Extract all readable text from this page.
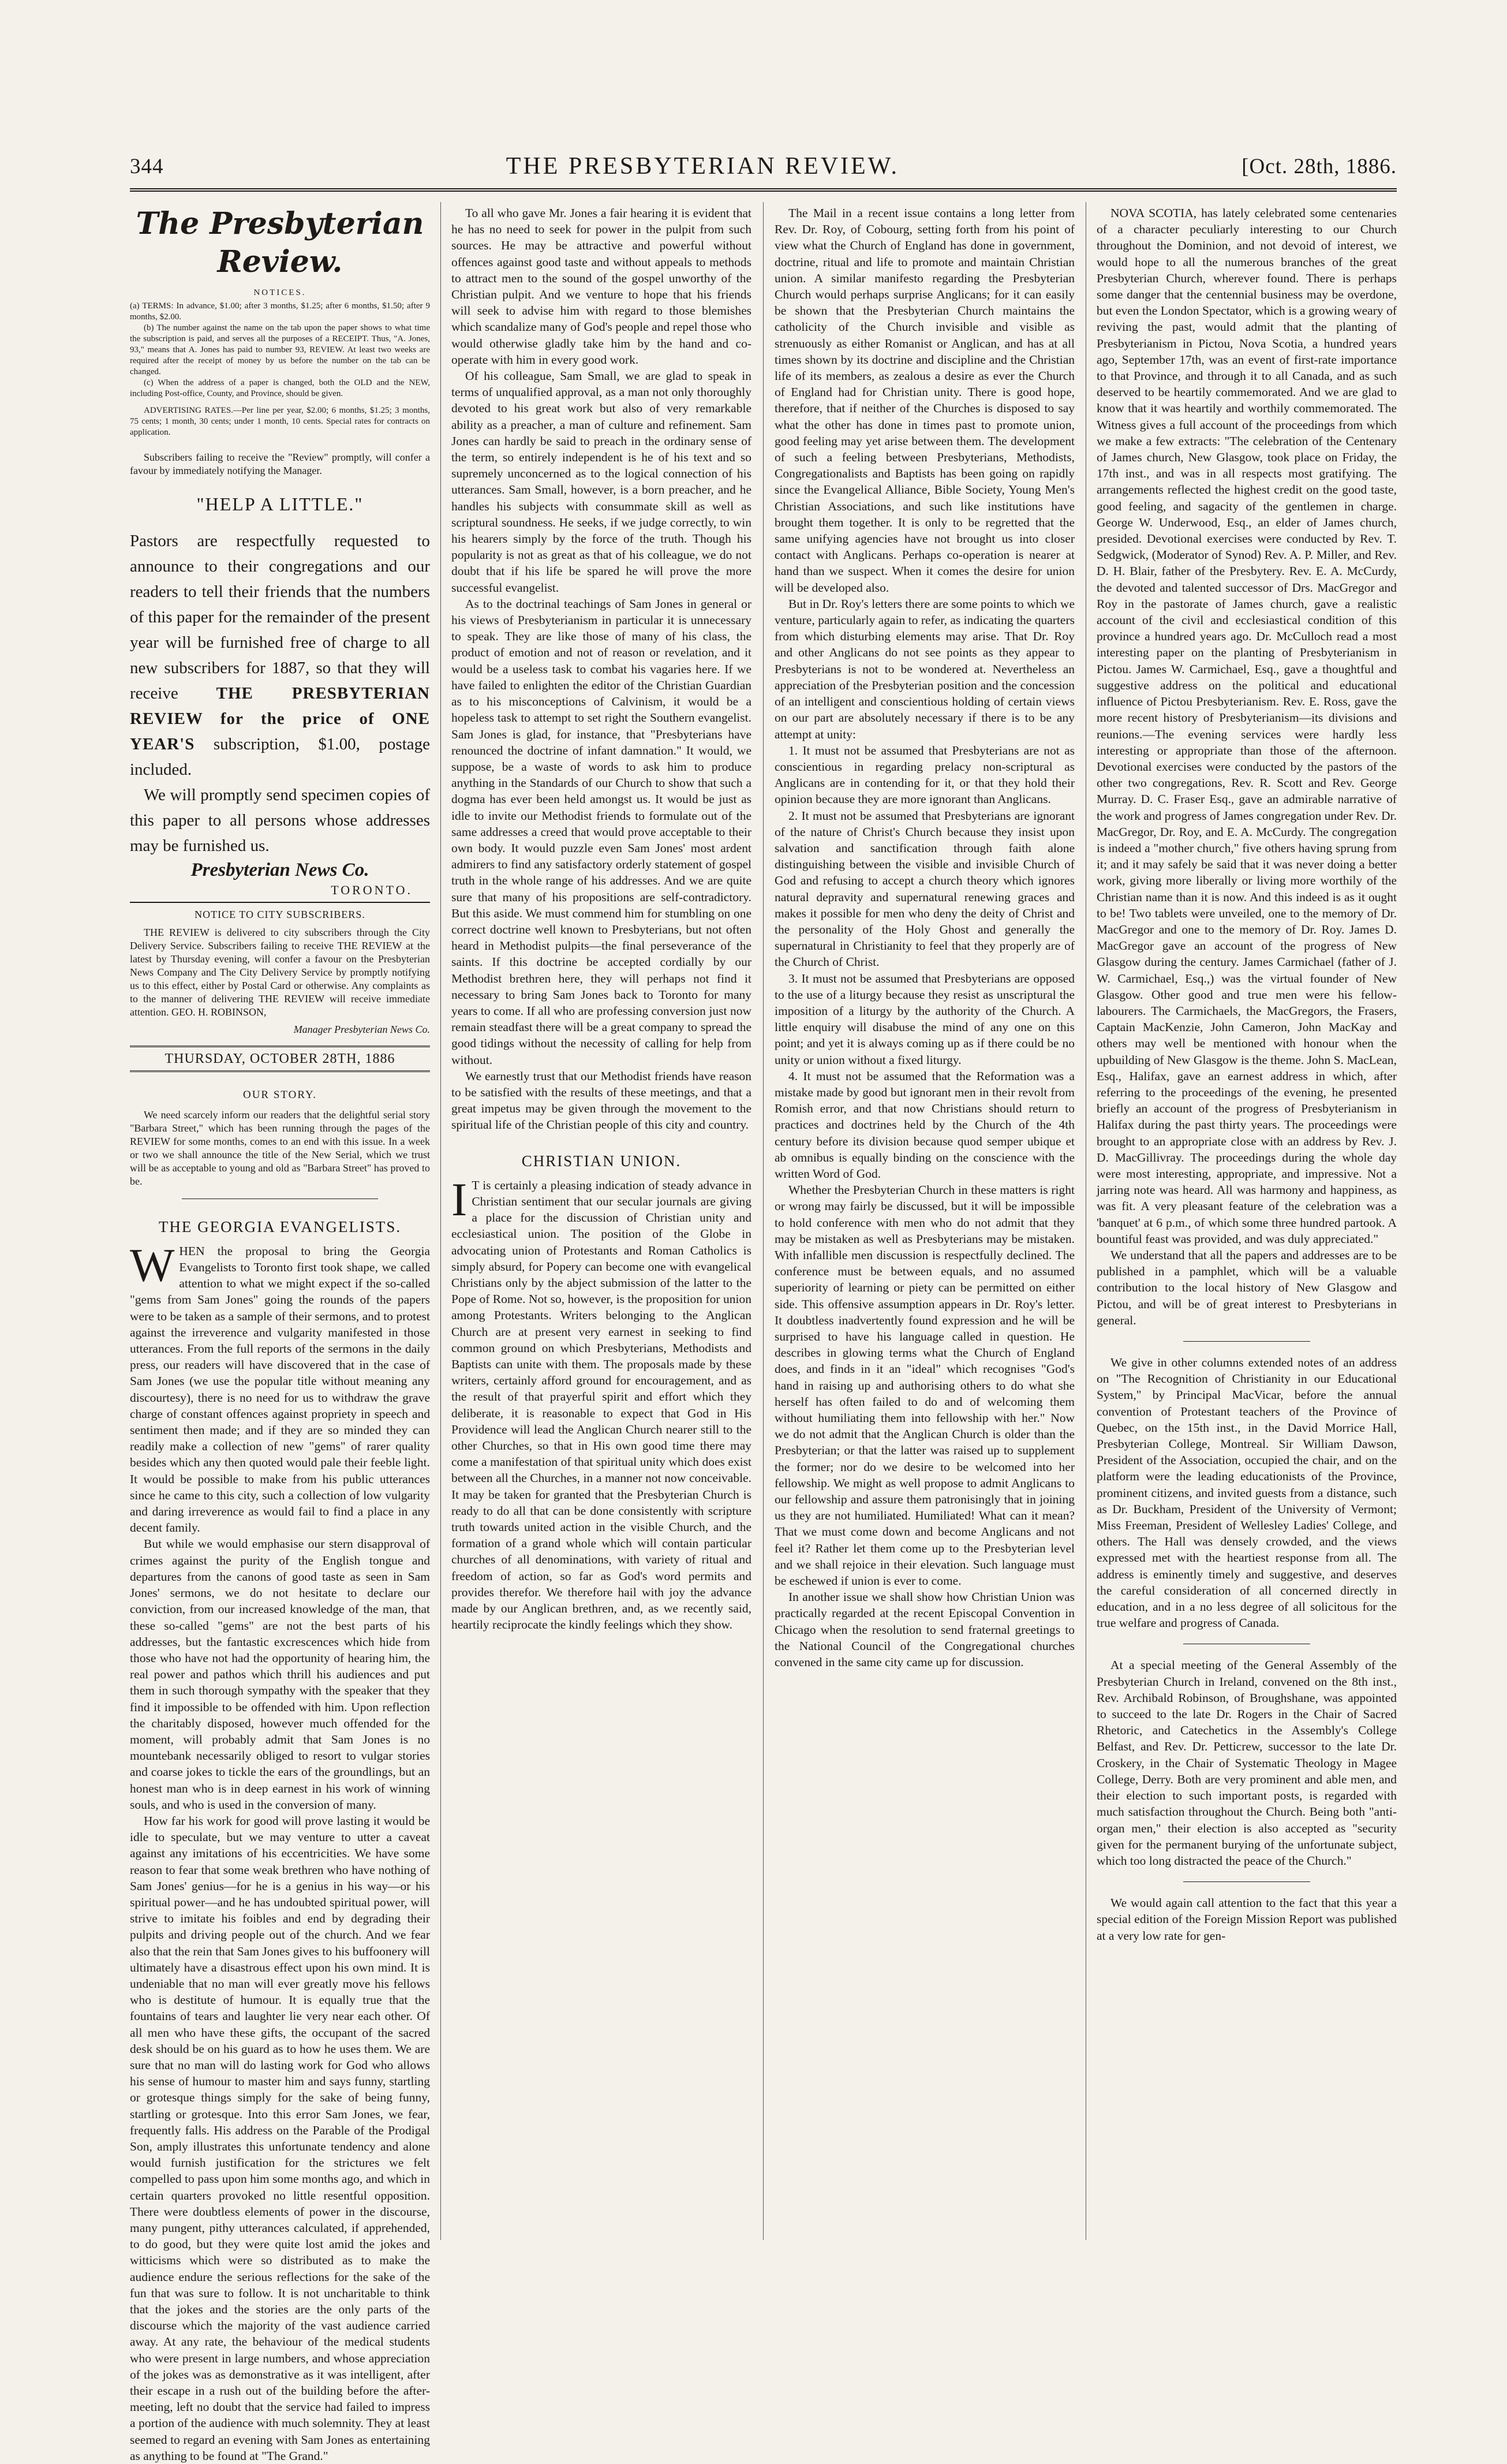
344	THE PRESBYTERIAN REVIEW.	[Oct. 28th, 1886.
The Presbyterian Review.
NOTICES.

(a) TERMS: In advance, $1.00; after 3 months, $1.25; after 6 months, $1.50; after 9 months, $2.00.

(b) The number against the name on the tab upon the paper shows to what time the subscription is paid, and serves all the purposes of a RECEIPT. Thus, "A. Jones, 93," means that A. Jones has paid to number 93, REVIEW. At least two weeks are required after the receipt of money by us before the number on the tab can be changed.

(c) When the address of a paper is changed, both the OLD and the NEW, including Post-office, County, and Province, should be given.

ADVERTISING RATES.—Per line per year, $2.00; 6 months, $1.25; 3 months, 75 cents; 1 month, 30 cents; under 1 month, 10 cents. Special rates for contracts on application.

Subscribers failing to receive the "Review" promptly, will confer a favour by immediately notifying the Manager.

"HELP A LITTLE."

Pastors are respectfully requested to announce to their congregations and our readers to tell their friends that the numbers of this paper for the remainder of the present year will be furnished free of charge to all new subscribers for 1887, so that they will receive THE PRESBYTERIAN REVIEW for the price of ONE YEAR'S subscription, $1.00, postage included.

We will promptly send specimen copies of this paper to all persons whose addresses may be furnished us.

Presbyterian News Co.
TORONTO.
NOTICE TO CITY SUBSCRIBERS.

THE REVIEW is delivered to city subscribers through the City Delivery Service. Subscribers failing to receive THE REVIEW at the latest by Thursday evening, will confer a favour on the Presbyterian News Company and The City Delivery Service by promptly notifying us to this effect, either by Postal Card or otherwise. Any complaints as to the manner of delivering THE REVIEW will receive immediate attention. GEO. H. ROBINSON,

Manager Presbyterian News Co.
THURSDAY, OCTOBER 28TH, 1886
OUR STORY.

We need scarcely inform our readers that the delightful serial story "Barbara Street," which has been running through the pages of the REVIEW for some months, comes to an end with this issue. In a week or two we shall announce the title of the New Serial, which we trust will be as acceptable to young and old as "Barbara Street" has proved to be.

THE GEORGIA EVANGELISTS.

WHEN the proposal to bring the Georgia Evangelists to Toronto first took shape, we called attention to what we might expect if the so-called "gems from Sam Jones" going the rounds of the papers were to be taken as a sample of their sermons, and to protest against the irreverence and vulgarity manifested in those utterances. From the full reports of the sermons in the daily press, our readers will have discovered that in the case of Sam Jones (we use the popular title without meaning any discourtesy), there is no need for us to withdraw the grave charge of constant offences against propriety in speech and sentiment then made; and if they are so minded they can readily make a collection of new "gems" of rarer quality besides which any then quoted would pale their feeble light. It would be possible to make from his public utterances since he came to this city, such a collection of low vulgarity and daring irreverence as would fail to find a place in any decent family.

But while we would emphasise our stern disapproval of crimes against the purity of the English tongue and departures from the canons of good taste as seen in Sam Jones' sermons, we do not hesitate to declare our conviction, from our increased knowledge of the man, that these so-called "gems" are not the best parts of his addresses, but the fantastic excrescences which hide from those who have not had the opportunity of hearing him, the real power and pathos which thrill his audiences and put them in such thorough sympathy with the speaker that they find it impossible to be offended with him. Upon reflection the charitably disposed, however much offended for the moment, will probably admit that Sam Jones is no mountebank necessarily obliged to resort to vulgar stories and coarse jokes to tickle the ears of the groundlings, but an honest man who is in deep earnest in his work of winning souls, and who is used in the conversion of many.

How far his work for good will prove lasting it would be idle to speculate, but we may venture to utter a caveat against any imitations of his eccentricities. We have some reason to fear that some weak brethren who have nothing of Sam Jones' genius—for he is a genius in his way—or his spiritual power—and he has undoubted spiritual power, will strive to imitate his foibles and end by degrading their pulpits and driving people out of the church. And we fear also that the rein that Sam Jones gives to his buffoonery will ultimately have a disastrous effect upon his own mind. It is undeniable that no man will ever greatly move his fellows who is destitute of humour. It is equally true that the fountains of tears and laughter lie very near each other. Of all men who have these gifts, the occupant of the sacred desk should be on his guard as to how he uses them. We are sure that no man will do lasting work for God who allows his sense of humour to master him and says funny, startling or grotesque things simply for the sake of being funny, startling or grotesque. Into this error Sam Jones, we fear, frequently falls. His address on the Parable of the Prodigal Son, amply illustrates this unfortunate tendency and alone would furnish justification for the strictures we felt compelled to pass upon him some months ago, and which in certain quarters provoked no little resentful opposition. There were doubtless elements of power in the discourse, many pungent, pithy utterances calculated, if apprehended, to do good, but they were quite lost amid the jokes and witticisms which were so distributed as to make the audience endure the serious reflections for the sake of the fun that was sure to follow. It is not uncharitable to think that the jokes and the stories are the only parts of the discourse which the majority of the vast audience carried away. At any rate, the behaviour of the medical students who were present in large numbers, and whose appreciation of the jokes was as demonstrative as it was intelligent, after their escape in a rush out of the building before the after-meeting, left no doubt that the service had failed to impress a portion of the audience with much solemnity. They at least seemed to regard an evening with Sam Jones as entertaining as anything to be found at "The Grand."

To all who gave Mr. Jones a fair hearing it is evident that he has no need to seek for power in the pulpit from such sources. He may be attractive and powerful without offences against good taste and without appeals to methods to attract men to the sound of the gospel unworthy of the Christian pulpit. And we venture to hope that his friends will seek to advise him with regard to those blemishes which scandalize many of God's people and repel those who would otherwise gladly take him by the hand and co-operate with him in every good work.

Of his colleague, Sam Small, we are glad to speak in terms of unqualified approval, as a man not only thoroughly devoted to his great work but also of very remarkable ability as a preacher, a man of culture and refinement. Sam Jones can hardly be said to preach in the ordinary sense of the term, so entirely independent is he of his text and so supremely unconcerned as to the logical connection of his utterances. Sam Small, however, is a born preacher, and he handles his subjects with consummate skill as well as scriptural soundness. He seeks, if we judge correctly, to win his hearers simply by the force of the truth. Though his popularity is not as great as that of his colleague, we do not doubt that if his life be spared he will prove the more successful evangelist.

As to the doctrinal teachings of Sam Jones in general or his views of Presbyterianism in particular it is unnecessary to speak. They are like those of many of his class, the product of emotion and not of reason or revelation, and it would be a useless task to combat his vagaries here. If we have failed to enlighten the editor of the Christian Guardian as to his misconceptions of Calvinism, it would be a hopeless task to attempt to set right the Southern evangelist. Sam Jones is glad, for instance, that "Presbyterians have renounced the doctrine of infant damnation." It would, we suppose, be a waste of words to ask him to produce anything in the Standards of our Church to show that such a dogma has ever been held amongst us. It would be just as idle to invite our Methodist friends to formulate out of the same addresses a creed that would prove acceptable to their own body. It would puzzle even Sam Jones' most ardent admirers to find any satisfactory orderly statement of gospel truth in the whole range of his addresses. And we are quite sure that many of his propositions are self-contradictory. But this aside. We must commend him for stumbling on one correct doctrine well known to Presbyterians, but not often heard in Methodist pulpits—the final perseverance of the saints. If this doctrine be accepted cordially by our Methodist brethren here, they will perhaps not find it necessary to bring Sam Jones back to Toronto for many years to come. If all who are professing conversion just now remain steadfast there will be a great company to spread the good tidings without the necessity of calling for help from without.

We earnestly trust that our Methodist friends have reason to be satisfied with the results of these meetings, and that a great impetus may be given through the movement to the spiritual life of the Christian people of this city and country.

CHRISTIAN UNION.

I T is certainly a pleasing indication of steady advance in Christian sentiment that our secular journals are giving a place for the discussion of Christian unity and ecclesiastical union. The position of the Globe in advocating union of Protestants and Roman Catholics is simply absurd, for Popery can become one with evangelical Christians only by the abject submission of the latter to the Pope of Rome. Not so, however, is the proposition for union among Protestants. Writers belonging to the Anglican Church are at present very earnest in seeking to find common ground on which Presbyterians, Methodists and Baptists can unite with them. The proposals made by these writers, certainly afford ground for encouragement, and as the result of that prayerful spirit and effort which they deliberate, it is reasonable to expect that God in His Providence will lead the Anglican Church nearer still to the other Churches, so that in His own good time there may come a manifestation of that spiritual unity which does exist between all the Churches, in a manner not now conceivable. It may be taken for granted that the Presbyterian Church is ready to do all that can be done consistently with scripture truth towards united action in the visible Church, and the formation of a grand whole which will contain particular churches of all denominations, with variety of ritual and freedom of action, so far as God's word permits and provides therefor. We therefore hail with joy the advance made by our Anglican brethren, and, as we recently said, heartily reciprocate the kindly feelings which they show.

The Mail in a recent issue contains a long letter from Rev. Dr. Roy, of Cobourg, setting forth from his point of view what the Church of England has done in government, doctrine, ritual and life to promote and maintain Christian union. A similar manifesto regarding the Presbyterian Church would perhaps surprise Anglicans; for it can easily be shown that the Presbyterian Church maintains the catholicity of the Church invisible and visible as strenuously as either Romanist or Anglican, and has at all times shown by its doctrine and discipline and the Christian life of its members, as zealous a desire as ever the Church of England had for Christian unity. There is good hope, therefore, that if neither of the Churches is disposed to say what the other has done in times past to promote union, good feeling may yet arise between them. The development of such a feeling between Presbyterians, Methodists, Congregationalists and Baptists has been going on rapidly since the Evangelical Alliance, Bible Society, Young Men's Christian Associations, and such like institutions have brought them together. It is only to be regretted that the same unifying agencies have not brought us into closer contact with Anglicans. Perhaps co-operation is nearer at hand than we suspect. When it comes the desire for union will be developed also.

But in Dr. Roy's letters there are some points to which we venture, particularly again to refer, as indicating the quarters from which disturbing elements may arise. That Dr. Roy and other Anglicans do not see points as they appear to Presbyterians is not to be wondered at. Nevertheless an appreciation of the Presbyterian position and the concession of an intelligent and conscientious holding of certain views on our part are absolutely necessary if there is to be any attempt at unity:

1. It must not be assumed that Presbyterians are not as conscientious in regarding prelacy non-scriptural as Anglicans are in contending for it, or that they hold their opinion because they are more ignorant than Anglicans.

2. It must not be assumed that Presbyterians are ignorant of the nature of Christ's Church because they insist upon salvation and sanctification through faith alone distinguishing between the visible and invisible Church of God and refusing to accept a church theory which ignores natural depravity and supernatural renewing graces and makes it possible for men who deny the deity of Christ and the personality of the Holy Ghost and generally the supernatural in Christianity to feel that they properly are of the Church of Christ.

3. It must not be assumed that Presbyterians are opposed to the use of a liturgy because they resist as unscriptural the imposition of a liturgy by the authority of the Church. A little enquiry will disabuse the mind of any one on this point; and yet it is always coming up as if there could be no unity or union without a fixed liturgy.

4. It must not be assumed that the Reformation was a mistake made by good but ignorant men in their revolt from Romish error, and that now Christians should return to practices and doctrines held by the Church of the 4th century before its division because quod semper ubique et ab omnibus is equally binding on the conscience with the written Word of God.

Whether the Presbyterian Church in these matters is right or wrong may fairly be discussed, but it will be impossible to hold conference with men who do not admit that they may be mistaken as well as Presbyterians may be mistaken. With infallible men discussion is respectfully declined. The conference must be between equals, and no assumed superiority of learning or piety can be permitted on either side. This offensive assumption appears in Dr. Roy's letter. It doubtless inadvertently found expression and he will be surprised to have his language called in question. He describes in glowing terms what the Church of England does, and finds in it an "ideal" which recognises "God's hand in raising up and authorising others to do what she herself has often failed to do and of welcoming them without humiliating them into fellowship with her." Now we do not admit that the Anglican Church is older than the Presbyterian; or that the latter was raised up to supplement the former; nor do we desire to be welcomed into her fellowship. We might as well propose to admit Anglicans to our fellowship and assure them patronisingly that in joining us they are not humiliated. Humiliated! What can it mean? That we must come down and become Anglicans and not feel it? Rather let them come up to the Presbyterian level and we shall rejoice in their elevation. Such language must be eschewed if union is ever to come.

In another issue we shall show how Christian Union was practically regarded at the recent Episcopal Convention in Chicago when the resolution to send fraternal greetings to the National Council of the Congregational churches convened in the same city came up for discussion.

NOVA SCOTIA, has lately celebrated some centenaries of a character peculiarly interesting to our Church throughout the Dominion, and not devoid of interest, we would hope to all the numerous branches of the great Presbyterian Church, wherever found. There is perhaps some danger that the centennial business may be overdone, but even the London Spectator, which is a growing weary of reviving the past, would admit that the planting of Presbyterianism in Pictou, Nova Scotia, a hundred years ago, September 17th, was an event of first-rate importance to that Province, and through it to all Canada, and as such deserved to be heartily commemorated. And we are glad to know that it was heartily and worthily commemorated. The Witness gives a full account of the proceedings from which we make a few extracts: "The celebration of the Centenary of James church, New Glasgow, took place on Friday, the 17th inst., and was in all respects most gratifying. The arrangements reflected the highest credit on the good taste, good feeling, and sagacity of the gentlemen in charge. George W. Underwood, Esq., an elder of James church, presided. Devotional exercises were conducted by Rev. T. Sedgwick, (Moderator of Synod) Rev. A. P. Miller, and Rev. D. H. Blair, father of the Presbytery. Rev. E. A. McCurdy, the devoted and talented successor of Drs. MacGregor and Roy in the pastorate of James church, gave a realistic account of the civil and ecclesiastical condition of this province a hundred years ago. Dr. McCulloch read a most interesting paper on the planting of Presbyterianism in Pictou. James W. Carmichael, Esq., gave a thoughtful and suggestive address on the political and educational influence of Pictou Presbyterianism. Rev. E. Ross, gave the more recent history of Presbyterianism—its divisions and reunions.—The evening services were hardly less interesting or appropriate than those of the afternoon. Devotional exercises were conducted by the pastors of the other two congregations, Rev. R. Scott and Rev. George Murray. D. C. Fraser Esq., gave an admirable narrative of the work and progress of James congregation under Rev. Dr. MacGregor, Dr. Roy, and E. A. McCurdy. The congregation is indeed a "mother church," five others having sprung from it; and it may safely be said that it was never doing a better work, giving more liberally or living more worthily of the Christian name than it is now. And this indeed is as it ought to be! Two tablets were unveiled, one to the memory of Dr. MacGregor and one to the memory of Dr. Roy. James D. MacGregor gave an account of the progress of New Glasgow during the century. James Carmichael (father of J. W. Carmichael, Esq.,) was the virtual founder of New Glasgow. Other good and true men were his fellow-labourers. The Carmichaels, the MacGregors, the Frasers, Captain MacKenzie, John Cameron, John MacKay and others may well be mentioned with honour when the upbuilding of New Glasgow is the theme. John S. MacLean, Esq., Halifax, gave an earnest address in which, after referring to the proceedings of the evening, he presented briefly an account of the progress of Presbyterianism in Halifax during the past thirty years. The proceedings were brought to an appropriate close with an address by Rev. J. D. MacGillivray. The proceedings during the whole day were most interesting, appropriate, and impressive. Not a jarring note was heard. All was harmony and happiness, as was fit. A very pleasant feature of the celebration was a 'banquet' at 6 p.m., of which some three hundred partook. A bountiful feast was provided, and was duly appreciated."

We understand that all the papers and addresses are to be published in a pamphlet, which will be a valuable contribution to the local history of New Glasgow and Pictou, and will be of great interest to Presbyterians in general.

We give in other columns extended notes of an address on "The Recognition of Christianity in our Educational System," by Principal MacVicar, before the annual convention of Protestant teachers of the Province of Quebec, on the 15th inst., in the David Morrice Hall, Presbyterian College, Montreal. Sir William Dawson, President of the Association, occupied the chair, and on the platform were the leading educationists of the Province, prominent citizens, and invited guests from a distance, such as Dr. Buckham, President of the University of Vermont; Miss Freeman, President of Wellesley Ladies' College, and others. The Hall was densely crowded, and the views expressed met with the heartiest response from all. The address is eminently timely and suggestive, and deserves the careful consideration of all concerned directly in education, and in a no less degree of all solicitous for the true welfare and progress of Canada.

At a special meeting of the General Assembly of the Presbyterian Church in Ireland, convened on the 8th inst., Rev. Archibald Robinson, of Broughshane, was appointed to succeed to the late Dr. Rogers in the Chair of Sacred Rhetoric, and Catechetics in the Assembly's College Belfast, and Rev. Dr. Petticrew, successor to the late Dr. Croskery, in the Chair of Systematic Theology in Magee College, Derry. Both are very prominent and able men, and their election to such important posts, is regarded with much satisfaction throughout the Church. Being both "anti-organ men," their election is also accepted as "security given for the permanent burying of the unfortunate subject, which too long distracted the peace of the Church."

We would again call attention to the fact that this year a special edition of the Foreign Mission Report was published at a very low rate for gen-
